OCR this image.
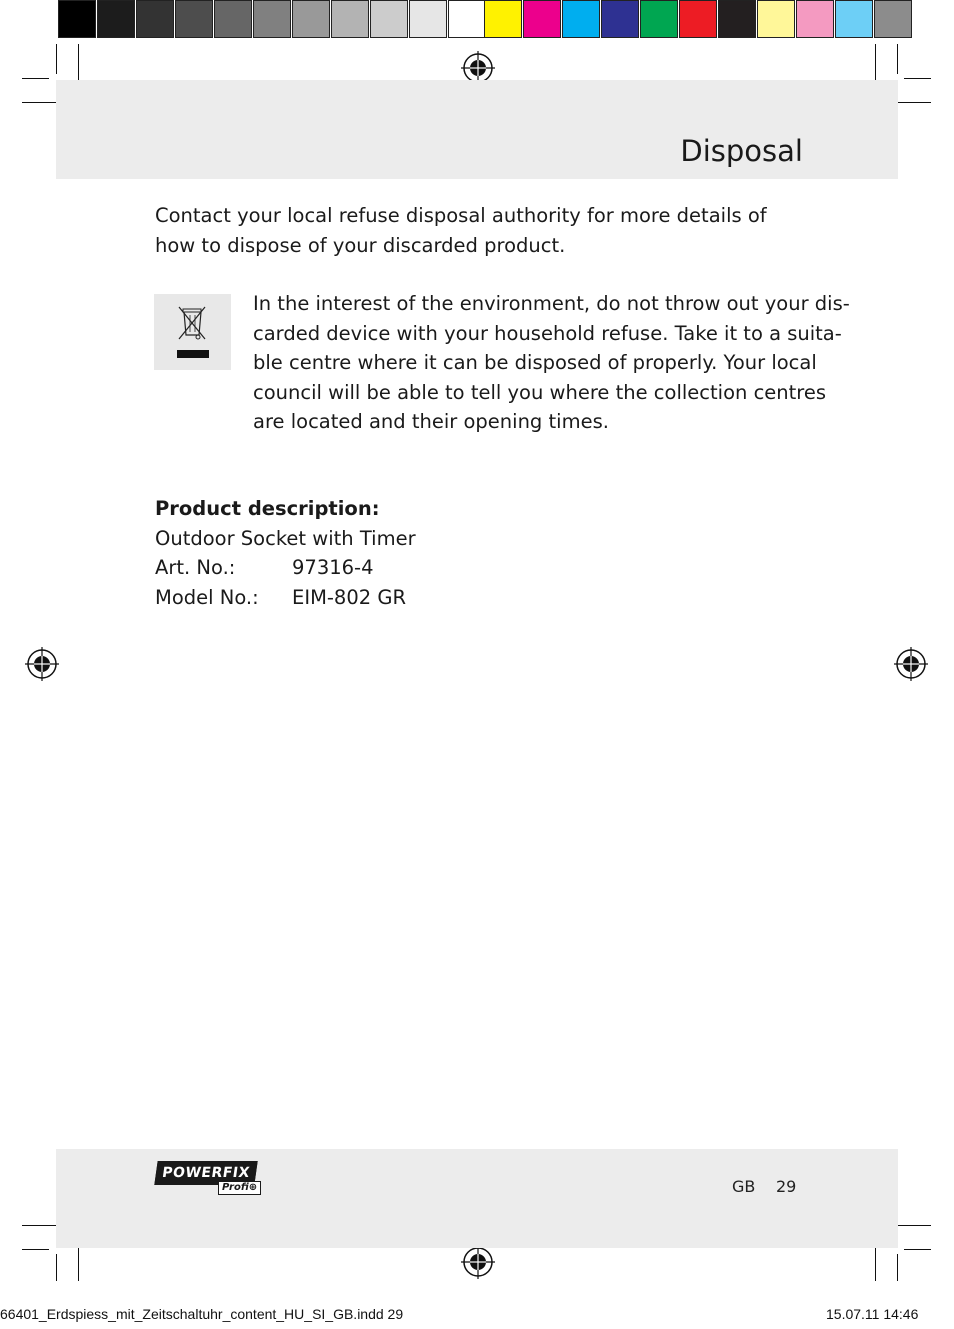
Disposal
Contact your local refuse disposal authority for more details of how to dispose of your discarded product.
In the interest of the environment, do not throw out your dis-
carded device with your household refuse. Take it to a suita-
ble centre where it can be disposed of properly. Your local
council will be able to tell you where the collection centres
are located and their opening times.
Product description:
Outdoor Socket with Timer
Art. No.:	97316-4
Model No.: EIM-802 GR
POWERFIX
Profi⊕	GB 29
66401_Erdspiess_mit_Zeitschaltuhr_content_HU_SI_GB.indd 29	15.07.11 14:46
